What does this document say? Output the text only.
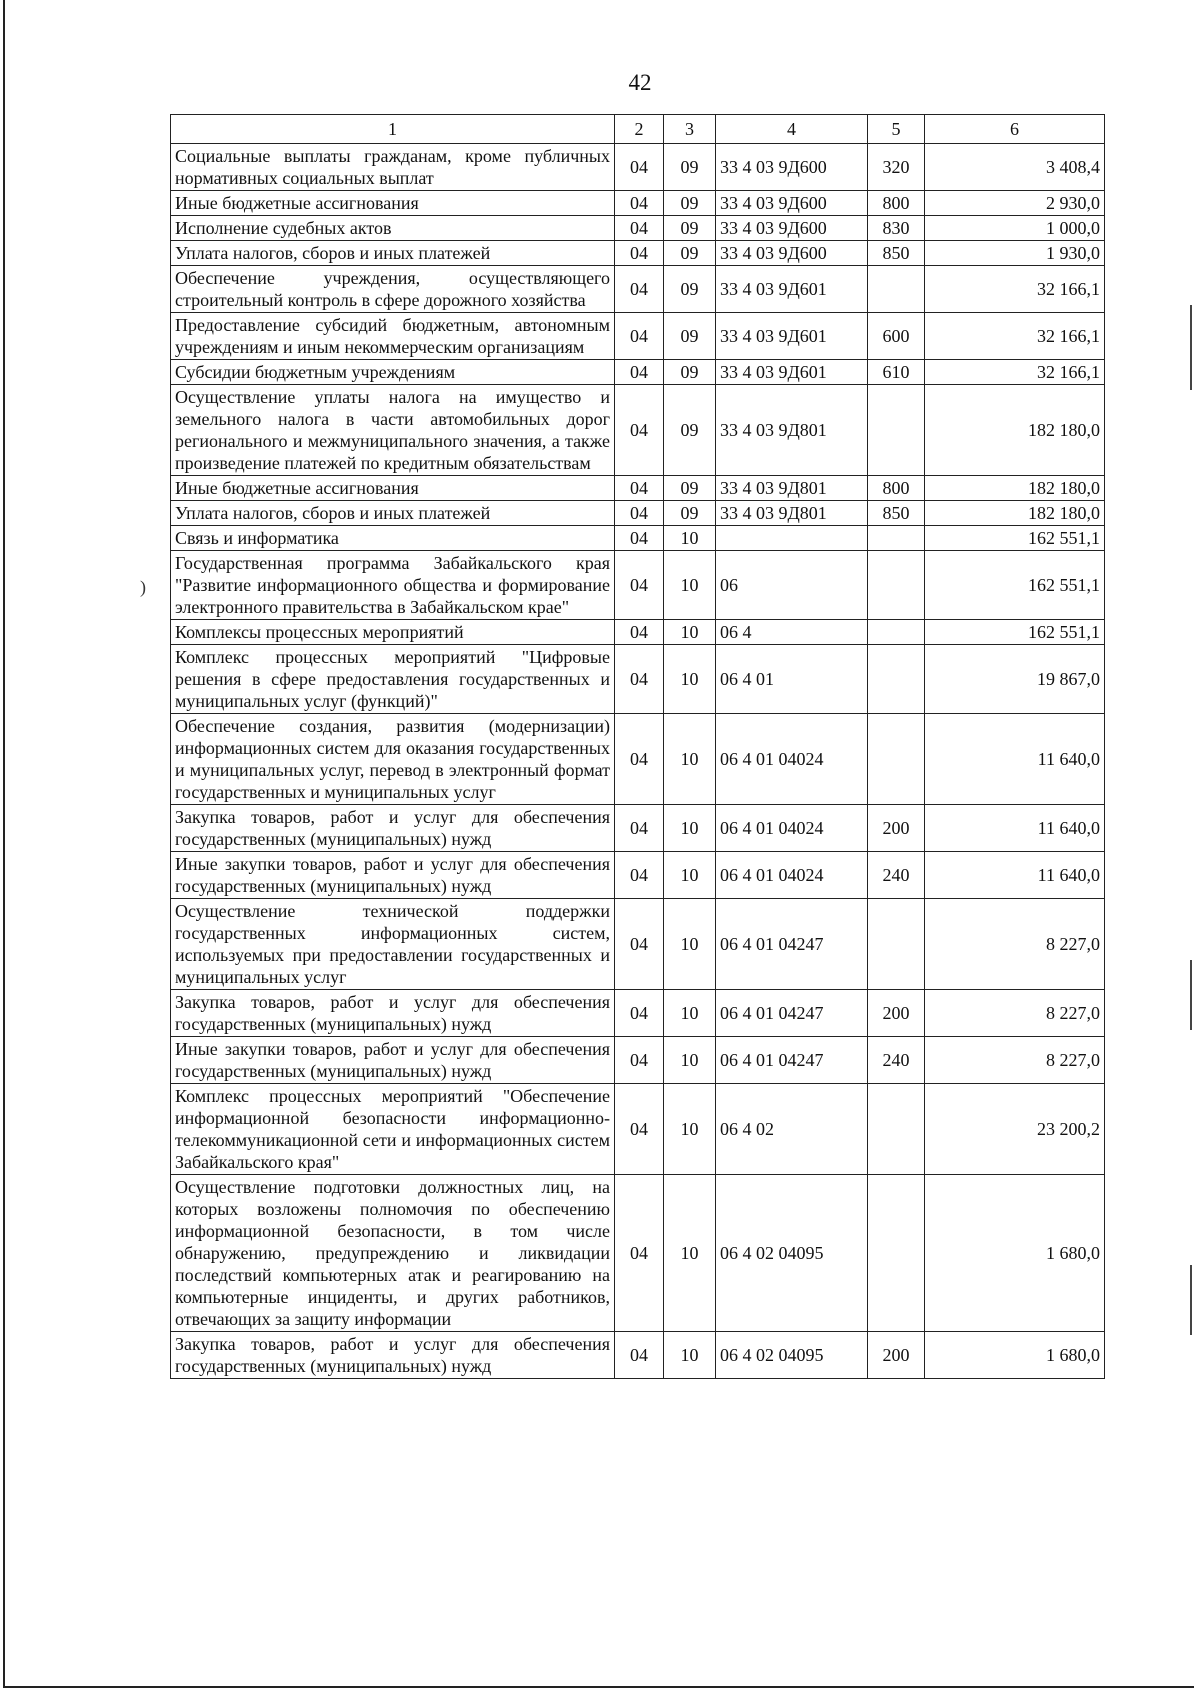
42
)
1	2	3	4	5	6
Социальные выплаты гражданам, кроме публичных нормативных социальных выплат	04	09	33 4 03 9Д600	320	3 408,4
Иные бюджетные ассигнования	04	09	33 4 03 9Д600	800	2 930,0
Исполнение судебных актов	04	09	33 4 03 9Д600	830	1 000,0
Уплата налогов, сборов и иных платежей	04	09	33 4 03 9Д600	850	1 930,0
Обеспечение учреждения, осуществляющего строительный контроль в сфере дорожного хозяйства	04	09	33 4 03 9Д601		32 166,1
Предоставление субсидий бюджетным, автономным учреждениям и иным некоммерческим организациям	04	09	33 4 03 9Д601	600	32 166,1
Субсидии бюджетным учреждениям	04	09	33 4 03 9Д601	610	32 166,1
Осуществление уплаты налога на имущество и земельного налога в части автомобильных дорог регионального и межмуниципального значения, а также произведение платежей по кредитным обязательствам	04	09	33 4 03 9Д801		182 180,0
Иные бюджетные ассигнования	04	09	33 4 03 9Д801	800	182 180,0
Уплата налогов, сборов и иных платежей	04	09	33 4 03 9Д801	850	182 180,0
Связь и информатика	04	10			162 551,1
Государственная программа Забайкальского края "Развитие информационного общества и формирование электронного правительства в Забайкальском крае"	04	10	06		162 551,1
Комплексы процессных мероприятий	04	10	06 4		162 551,1
Комплекс процессных мероприятий "Цифровые решения в сфере предоставления государственных и муниципальных услуг (функций)"	04	10	06 4 01		19 867,0
Обеспечение создания, развития (модернизации) информационных систем для оказания государственных и муниципальных услуг, перевод в электронный формат государственных и муниципальных услуг	04	10	06 4 01 04024		11 640,0
Закупка товаров, работ и услуг для обеспечения государственных (муниципальных) нужд	04	10	06 4 01 04024	200	11 640,0
Иные закупки товаров, работ и услуг для обеспечения государственных (муниципальных) нужд	04	10	06 4 01 04024	240	11 640,0
Осуществление технической поддержки государственных информационных систем, используемых при предоставлении государственных и муниципальных услуг	04	10	06 4 01 04247		8 227,0
Закупка товаров, работ и услуг для обеспечения государственных (муниципальных) нужд	04	10	06 4 01 04247	200	8 227,0
Иные закупки товаров, работ и услуг для обеспечения государственных (муниципальных) нужд	04	10	06 4 01 04247	240	8 227,0
Комплекс процессных мероприятий "Обеспечение информационной безопасности информационно-телекоммуникационной сети и информационных систем Забайкальского края"	04	10	06 4 02		23 200,2
Осуществление подготовки должностных лиц, на которых возложены полномочия по обеспечению информационной безопасности, в том числе обнаружению, предупреждению и ликвидации последствий компьютерных атак и реагированию на компьютерные инциденты, и других работников, отвечающих за защиту информации	04	10	06 4 02 04095		1 680,0
Закупка товаров, работ и услуг для обеспечения государственных (муниципальных) нужд	04	10	06 4 02 04095	200	1 680,0
